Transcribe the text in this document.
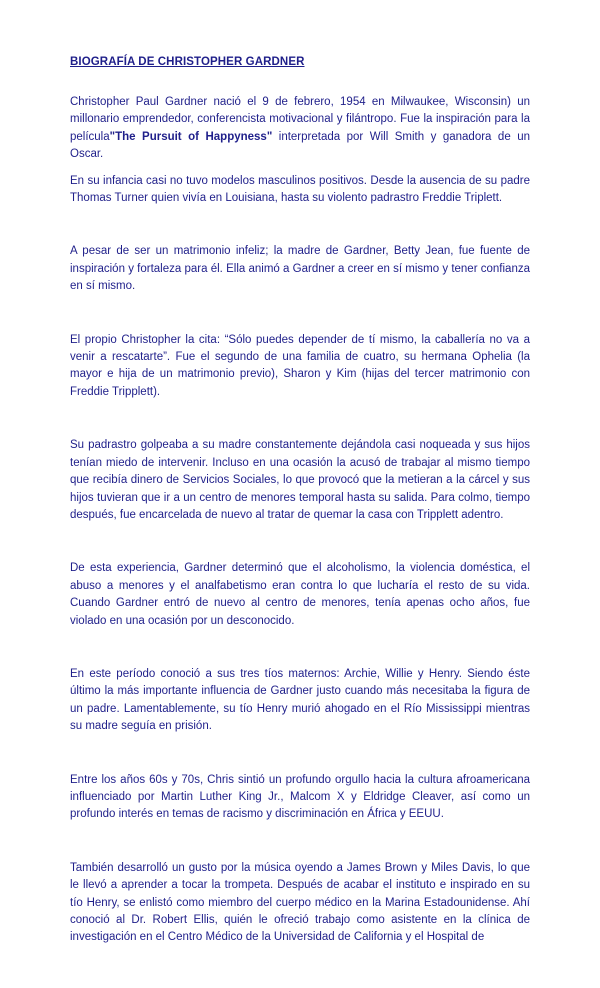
BIOGRAFÍA DE CHRISTOPHER GARDNER

Christopher Paul Gardner nació el 9 de febrero, 1954 en Milwaukee, Wisconsin) un millonario emprendedor, conferencista motivacional y filántropo. Fue la inspiración para la película"The Pursuit of Happyness" interpretada por Will Smith y ganadora de un Oscar.

En su infancia casi no tuvo modelos masculinos positivos. Desde la ausencia de su padre Thomas Turner quien vivía en Louisiana, hasta su violento padrastro Freddie Triplett.

A pesar de ser un matrimonio infeliz; la madre de Gardner, Betty Jean, fue fuente de inspiración y fortaleza para él. Ella animó a Gardner a creer en sí mismo y tener confianza en sí mismo.

El propio Christopher la cita: “Sólo puedes depender de tí mismo, la caballería no va a venir a rescatarte”. Fue el segundo de una familia de cuatro, su hermana Ophelia (la mayor e hija de un matrimonio previo), Sharon y Kim (hijas del tercer matrimonio con Freddie Tripplett).

Su padrastro golpeaba a su madre constantemente dejándola casi noqueada y sus hijos tenían miedo de intervenir. Incluso en una ocasión la acusó de trabajar al mismo tiempo que recibía dinero de Servicios Sociales, lo que provocó que la metieran a la cárcel y sus hijos tuvieran que ir a un centro de menores temporal hasta su salida. Para colmo, tiempo después, fue encarcelada de nuevo al tratar de quemar la casa con Tripplett adentro.

De esta experiencia, Gardner determinó que el alcoholismo, la violencia doméstica, el abuso a menores y el analfabetismo eran contra lo que lucharía el resto de su vida. Cuando Gardner entró de nuevo al centro de menores, tenía apenas ocho años, fue violado en una ocasión por un desconocido.

En este período conoció a sus tres tíos maternos: Archie, Willie y Henry. Siendo éste último la más importante influencia de Gardner justo cuando más necesitaba la figura de un padre. Lamentablemente, su tío Henry murió ahogado en el Río Mississippi mientras su madre seguía en prisión.

Entre los años 60s y 70s, Chris sintió un profundo orgullo hacia la cultura afroamericana influenciado por Martin Luther King Jr., Malcom X y Eldridge Cleaver, así como un profundo interés en temas de racismo y discriminación en África y EEUU.

También desarrolló un gusto por la música oyendo a James Brown y Miles Davis, lo que le llevó a aprender a tocar la trompeta. Después de acabar el instituto e inspirado en su tío Henry, se enlistó como miembro del cuerpo médico en la Marina Estadounidense. Ahí conoció al Dr. Robert Ellis, quién le ofreció trabajo como asistente en la clínica de investigación en el Centro Médico de la Universidad de California y el Hospital de
